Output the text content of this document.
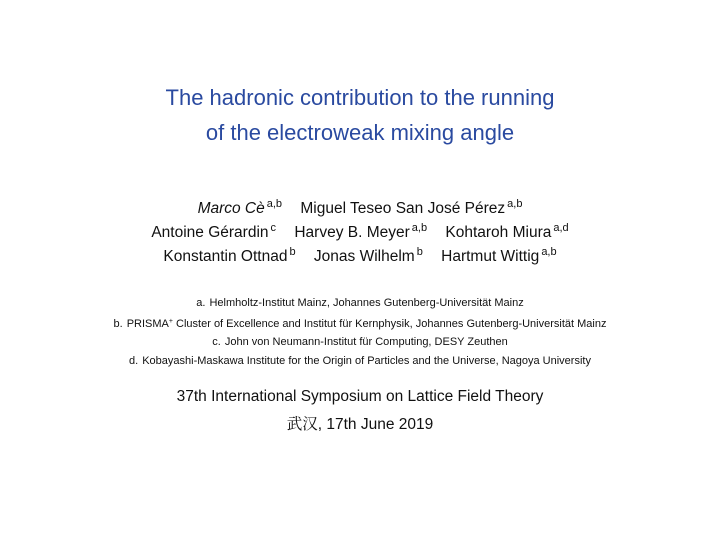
The hadronic contribution to the running
of the electroweak mixing angle
Marco Cè $^{a,b}$ Miguel Teseo San José Pérez $^{a,b}$
Antoine Gérardin $^c$ Harvey B. Meyer $^{a,b}$ Kohtaroh Miura $^{a,d}$
Konstantin Ottnad $^b$ Jonas Wilhelm $^b$ Hartmut Wittig $^{a,b}$
a. Helmholtz-Institut Mainz, Johannes Gutenberg-Universität Mainz
b. PRISMA+ Cluster of Excellence and Institut für Kernphysik, Johannes Gutenberg-Universität Mainz
c. John von Neumann-Institut für Computing, DESY Zeuthen
d. Kobayashi-Maskawa Institute for the Origin of Particles and the Universe, Nagoya University
37th International Symposium on Lattice Field Theory
武汉, 17th June 2019
